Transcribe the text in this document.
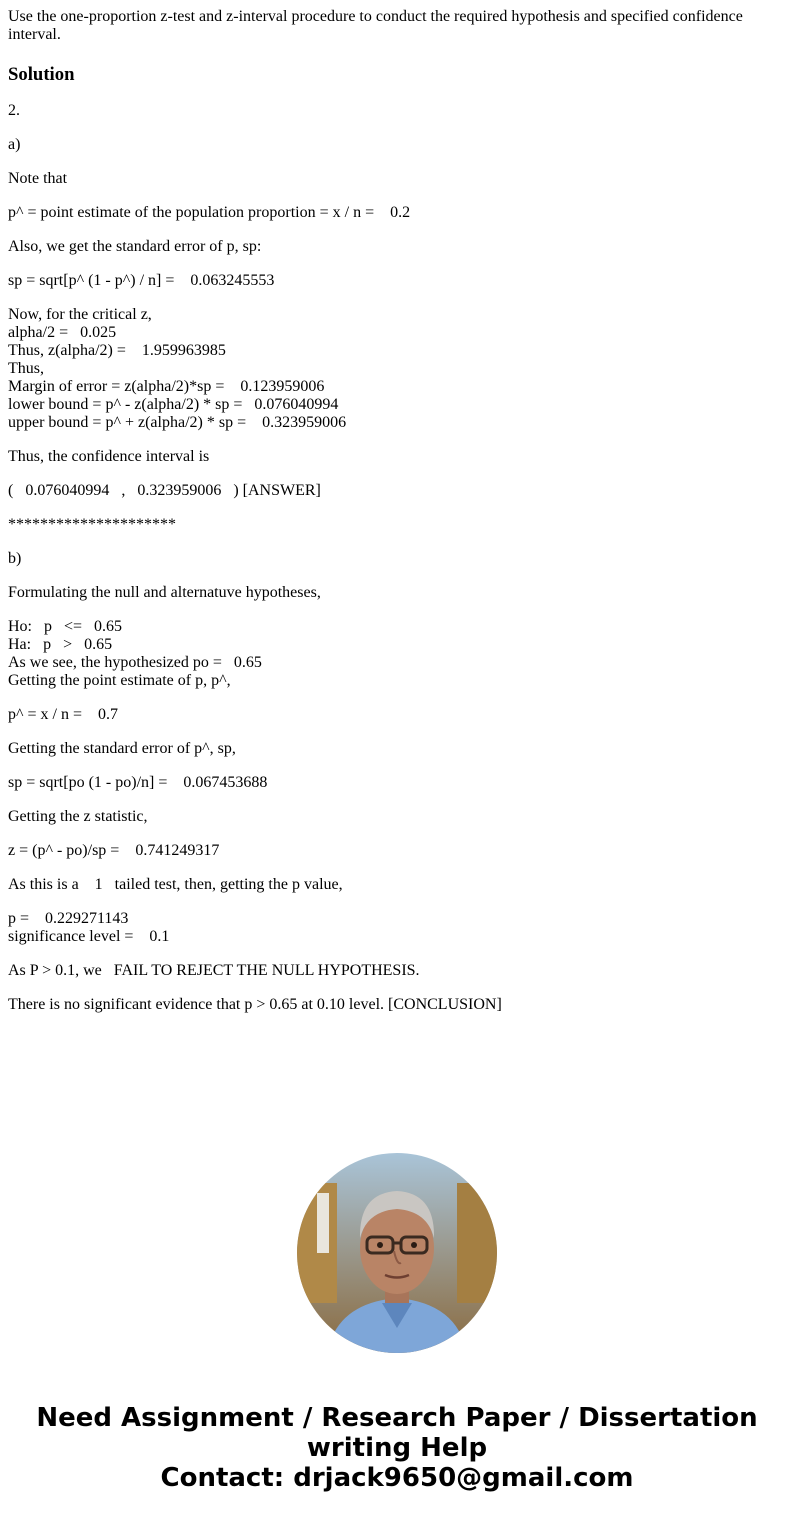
Use the one-proportion z-test and z-interval procedure to conduct the required hypothesis and specified confidence interval.
Solution

2.

a)

Note that

p^ = point estimate of the population proportion = x / n =    0.2

Also, we get the standard error of p, sp:

sp = sqrt[p^ (1 - p^) / n] =    0.063245553

Now, for the critical z,
alpha/2 =   0.025
Thus, z(alpha/2) =    1.959963985
Thus,
Margin of error = z(alpha/2)*sp =    0.123959006
lower bound = p^ - z(alpha/2) * sp =   0.076040994
upper bound = p^ + z(alpha/2) * sp =    0.323959006

Thus, the confidence interval is

(   0.076040994   ,   0.323959006   ) [ANSWER]

*********************

b)

Formulating the null and alternatuve hypotheses,

Ho:   p   <=   0.65
Ha:   p   >   0.65
As we see, the hypothesized po =   0.65
Getting the point estimate of p, p^,

p^ = x / n =    0.7

Getting the standard error of p^, sp,

sp = sqrt[po (1 - po)/n] =    0.067453688

Getting the z statistic,

z = (p^ - po)/sp =    0.741249317

As this is a    1   tailed test, then, getting the p value,

p =    0.229271143
significance level =    0.1

As P > 0.1, we   FAIL TO REJECT THE NULL HYPOTHESIS.

There is no significant evidence that p > 0.65 at 0.10 level. [CONCLUSION]

Need Assignment / Research Paper / Dissertation
writing Help
Contact: drjack9650@gmail.com
